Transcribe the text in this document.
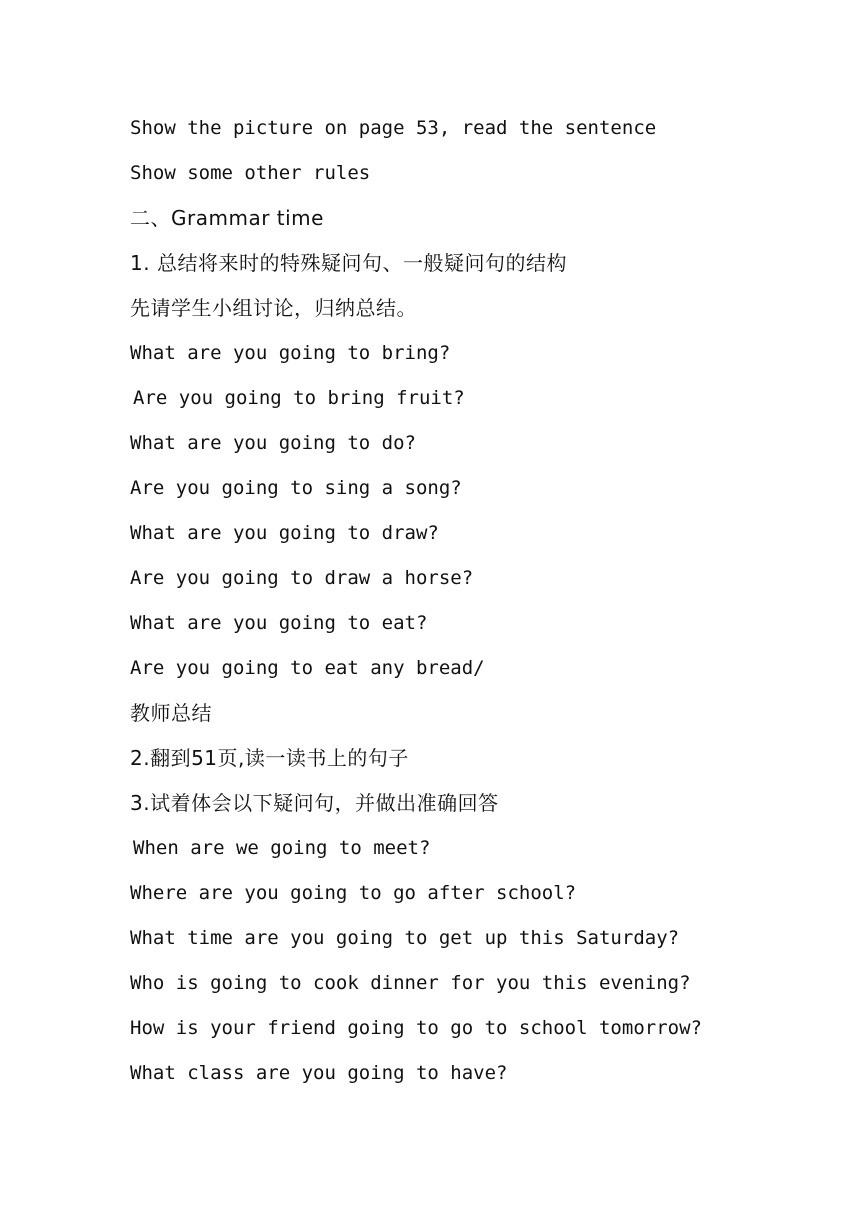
Show the picture on page 53, read the sentence
Show some other rules
二、Grammar time
1. 总结将来时的特殊疑问句、一般疑问句的结构
先请学生小组讨论，归纳总结。
What are you going to bring?
Are you going to bring fruit?
What are you going to do?
Are you going to sing a song?
What are you going to draw?
Are you going to draw a horse?
What are you going to eat?
Are you going to eat any bread/
教师总结
2.翻到51页,读一读书上的句子
3.试着体会以下疑问句，并做出准确回答
When are we going to meet?
Where are you going to go after school?
What time are you going to get up this Saturday?
Who is going to cook dinner for you this evening?
How is your friend going to go to school tomorrow?
What class are you going to have?
